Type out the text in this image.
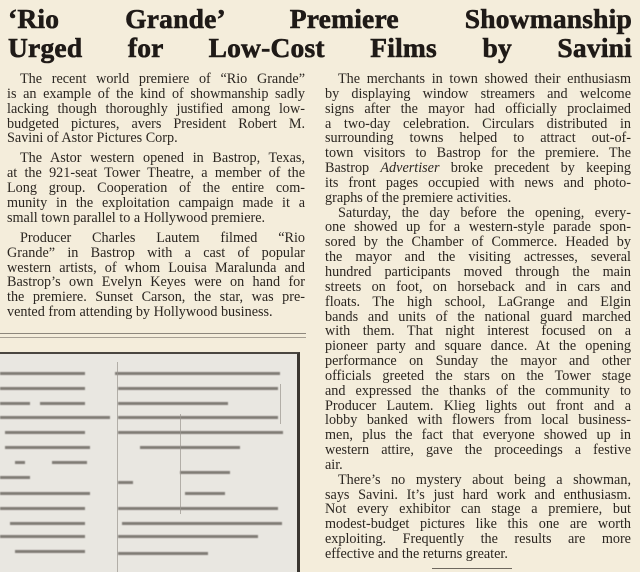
‘Rio Grande’ Premiere Showmanship
Urged for Low-Cost Films by Savini
The recent world premiere of “Rio Grande”
is an example of the kind of showmanship sadly
lacking though thoroughly justified among low-
budgeted pictures, avers President Robert M.
Savini of Astor Pictures Corp.
The Astor western opened in Bastrop, Texas,
at the 921-seat Tower Theatre, a member of the
Long group. Cooperation of the entire com-
munity in the exploitation campaign made it a
small town parallel to a Hollywood premiere.
Producer Charles Lautem filmed “Rio
Grande” in Bastrop with a cast of popular
western artists, of whom Louisa Maralunda and
Bastrop’s own Evelyn Keyes were on hand for
the premiere. Sunset Carson, the star, was pre-
vented from attending by Hollywood business.
The merchants in town showed their enthusiasm
by displaying window streamers and welcome
signs after the mayor had officially proclaimed
a two-day celebration. Circulars distributed in
surrounding towns helped to attract out-of-
town visitors to Bastrop for the premiere. The
Bastrop Advertiser broke precedent by keeping
its front pages occupied with news and photo-
graphs of the premiere activities.
Saturday, the day before the opening, every-
one showed up for a western-style parade spon-
sored by the Chamber of Commerce. Headed by
the mayor and the visiting actresses, several
hundred participants moved through the main
streets on foot, on horseback and in cars and
floats. The high school, LaGrange and Elgin
bands and units of the national guard marched
with them. That night interest focused on a
pioneer party and square dance. At the opening
performance on Sunday the mayor and other
officials greeted the stars on the Tower stage
and expressed the thanks of the community to
Producer Lautem. Klieg lights out front and a
lobby banked with flowers from local business-
men, plus the fact that everyone showed up in
western attire, gave the proceedings a festive
air.
There’s no mystery about being a showman,
says Savini. It’s just hard work and enthusiasm.
Not every exhibitor can stage a premiere, but
modest-budget pictures like this one are worth
exploiting. Frequently the results are more
effective and the returns greater.
